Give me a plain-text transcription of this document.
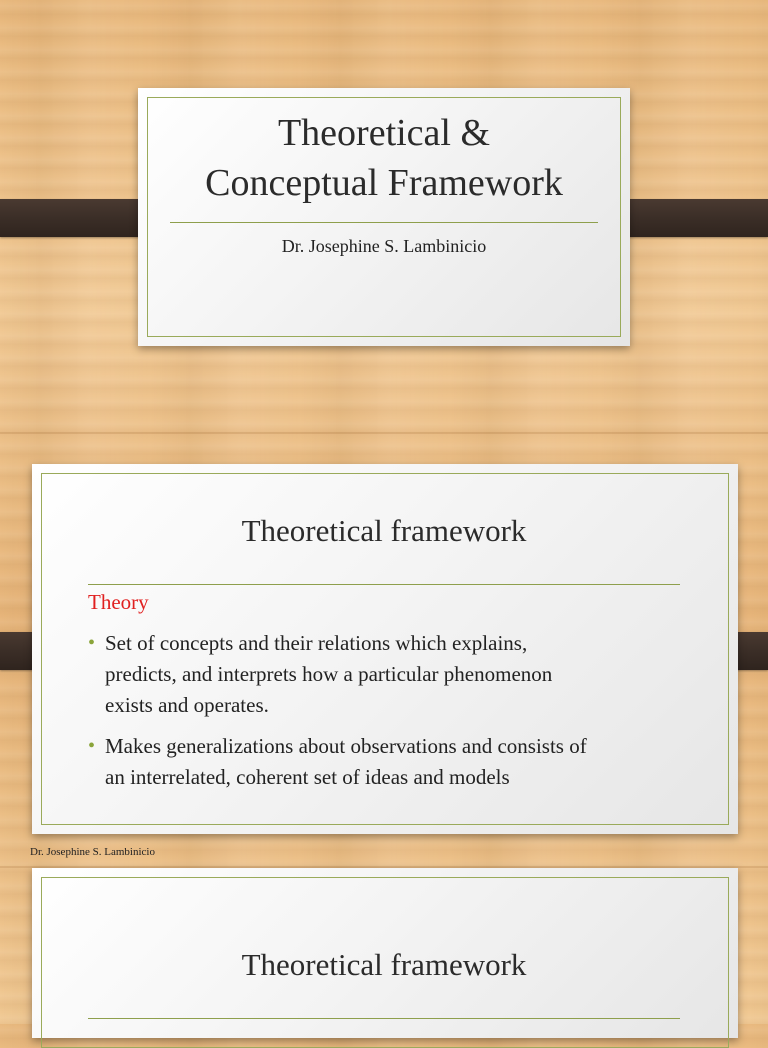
Theoretical &
Conceptual Framework
Dr. Josephine S. Lambinicio
Theoretical framework
Theory
• Set of concepts and their relations which explains,
predicts, and interprets how a particular phenomenon
exists and operates.
• Makes generalizations about observations and consists of
an interrelated, coherent set of ideas and models
Dr. Josephine S. Lambinicio
Theoretical framework
